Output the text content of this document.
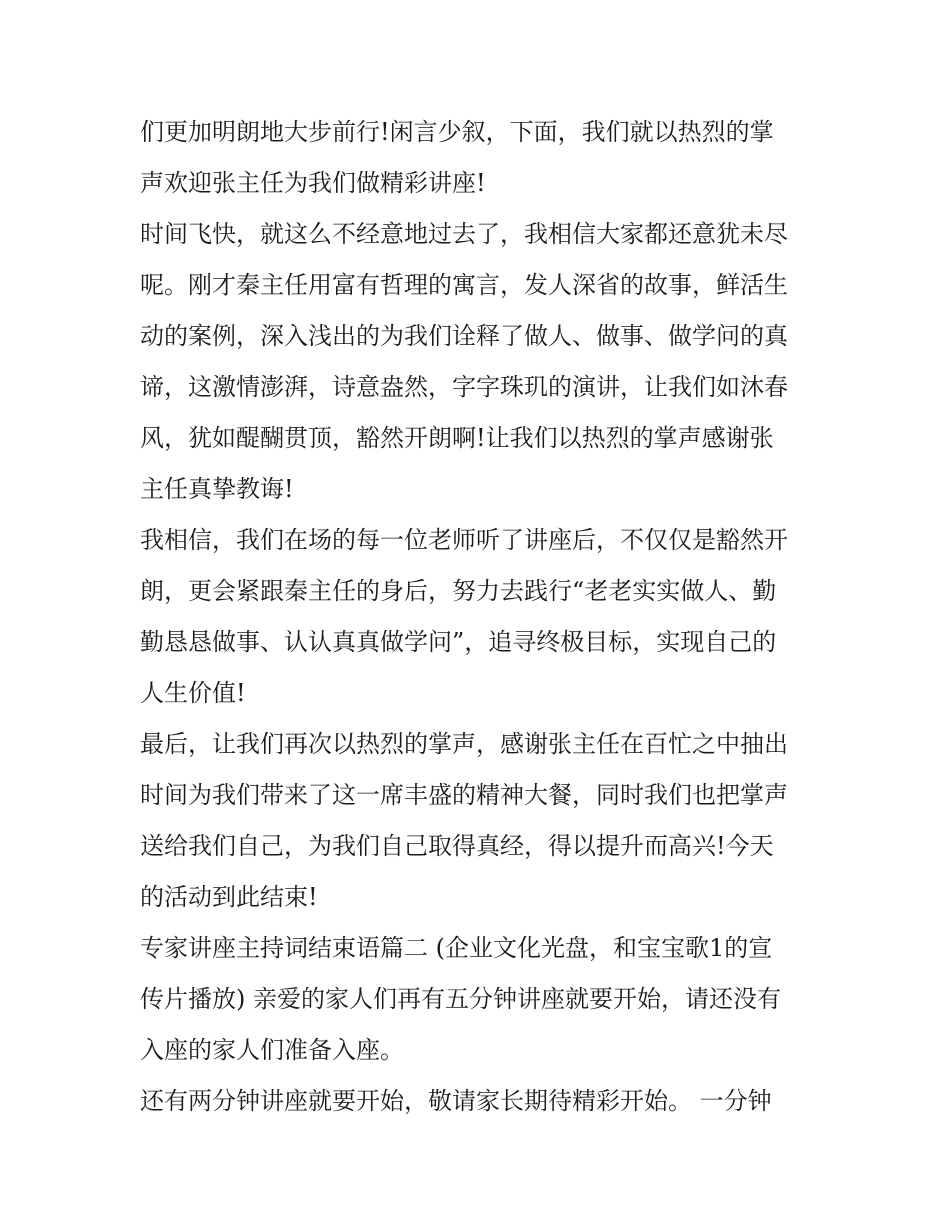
们更加明朗地大步前行!闲言少叙，下面，我们就以热烈的掌
声欢迎张主任为我们做精彩讲座!
时间飞快，就这么不经意地过去了，我相信大家都还意犹未尽
呢。刚才秦主任用富有哲理的寓言，发人深省的故事，鲜活生
动的案例，深入浅出的为我们诠释了做人、做事、做学问的真
谛，这激情澎湃，诗意盎然，字字珠玑的演讲，让我们如沐春
风，犹如醍醐贯顶，豁然开朗啊!让我们以热烈的掌声感谢张
主任真挚教诲!
我相信，我们在场的每一位老师听了讲座后，不仅仅是豁然开
朗，更会紧跟秦主任的身后，努力去践行“老老实实做人、勤
勤恳恳做事、认认真真做学问”，追寻终极目标，实现自己的
人生价值!
最后，让我们再次以热烈的掌声，感谢张主任在百忙之中抽出
时间为我们带来了这一席丰盛的精神大餐，同时我们也把掌声
送给我们自己，为我们自己取得真经，得以提升而高兴!今天
的活动到此结束!
专家讲座主持词结束语篇二 (企业文化光盘，和宝宝歌1的宣
传片播放) 亲爱的家人们再有五分钟讲座就要开始，请还没有
入座的家人们准备入座。
还有两分钟讲座就要开始，敬请家长期待精彩开始。 一分钟
